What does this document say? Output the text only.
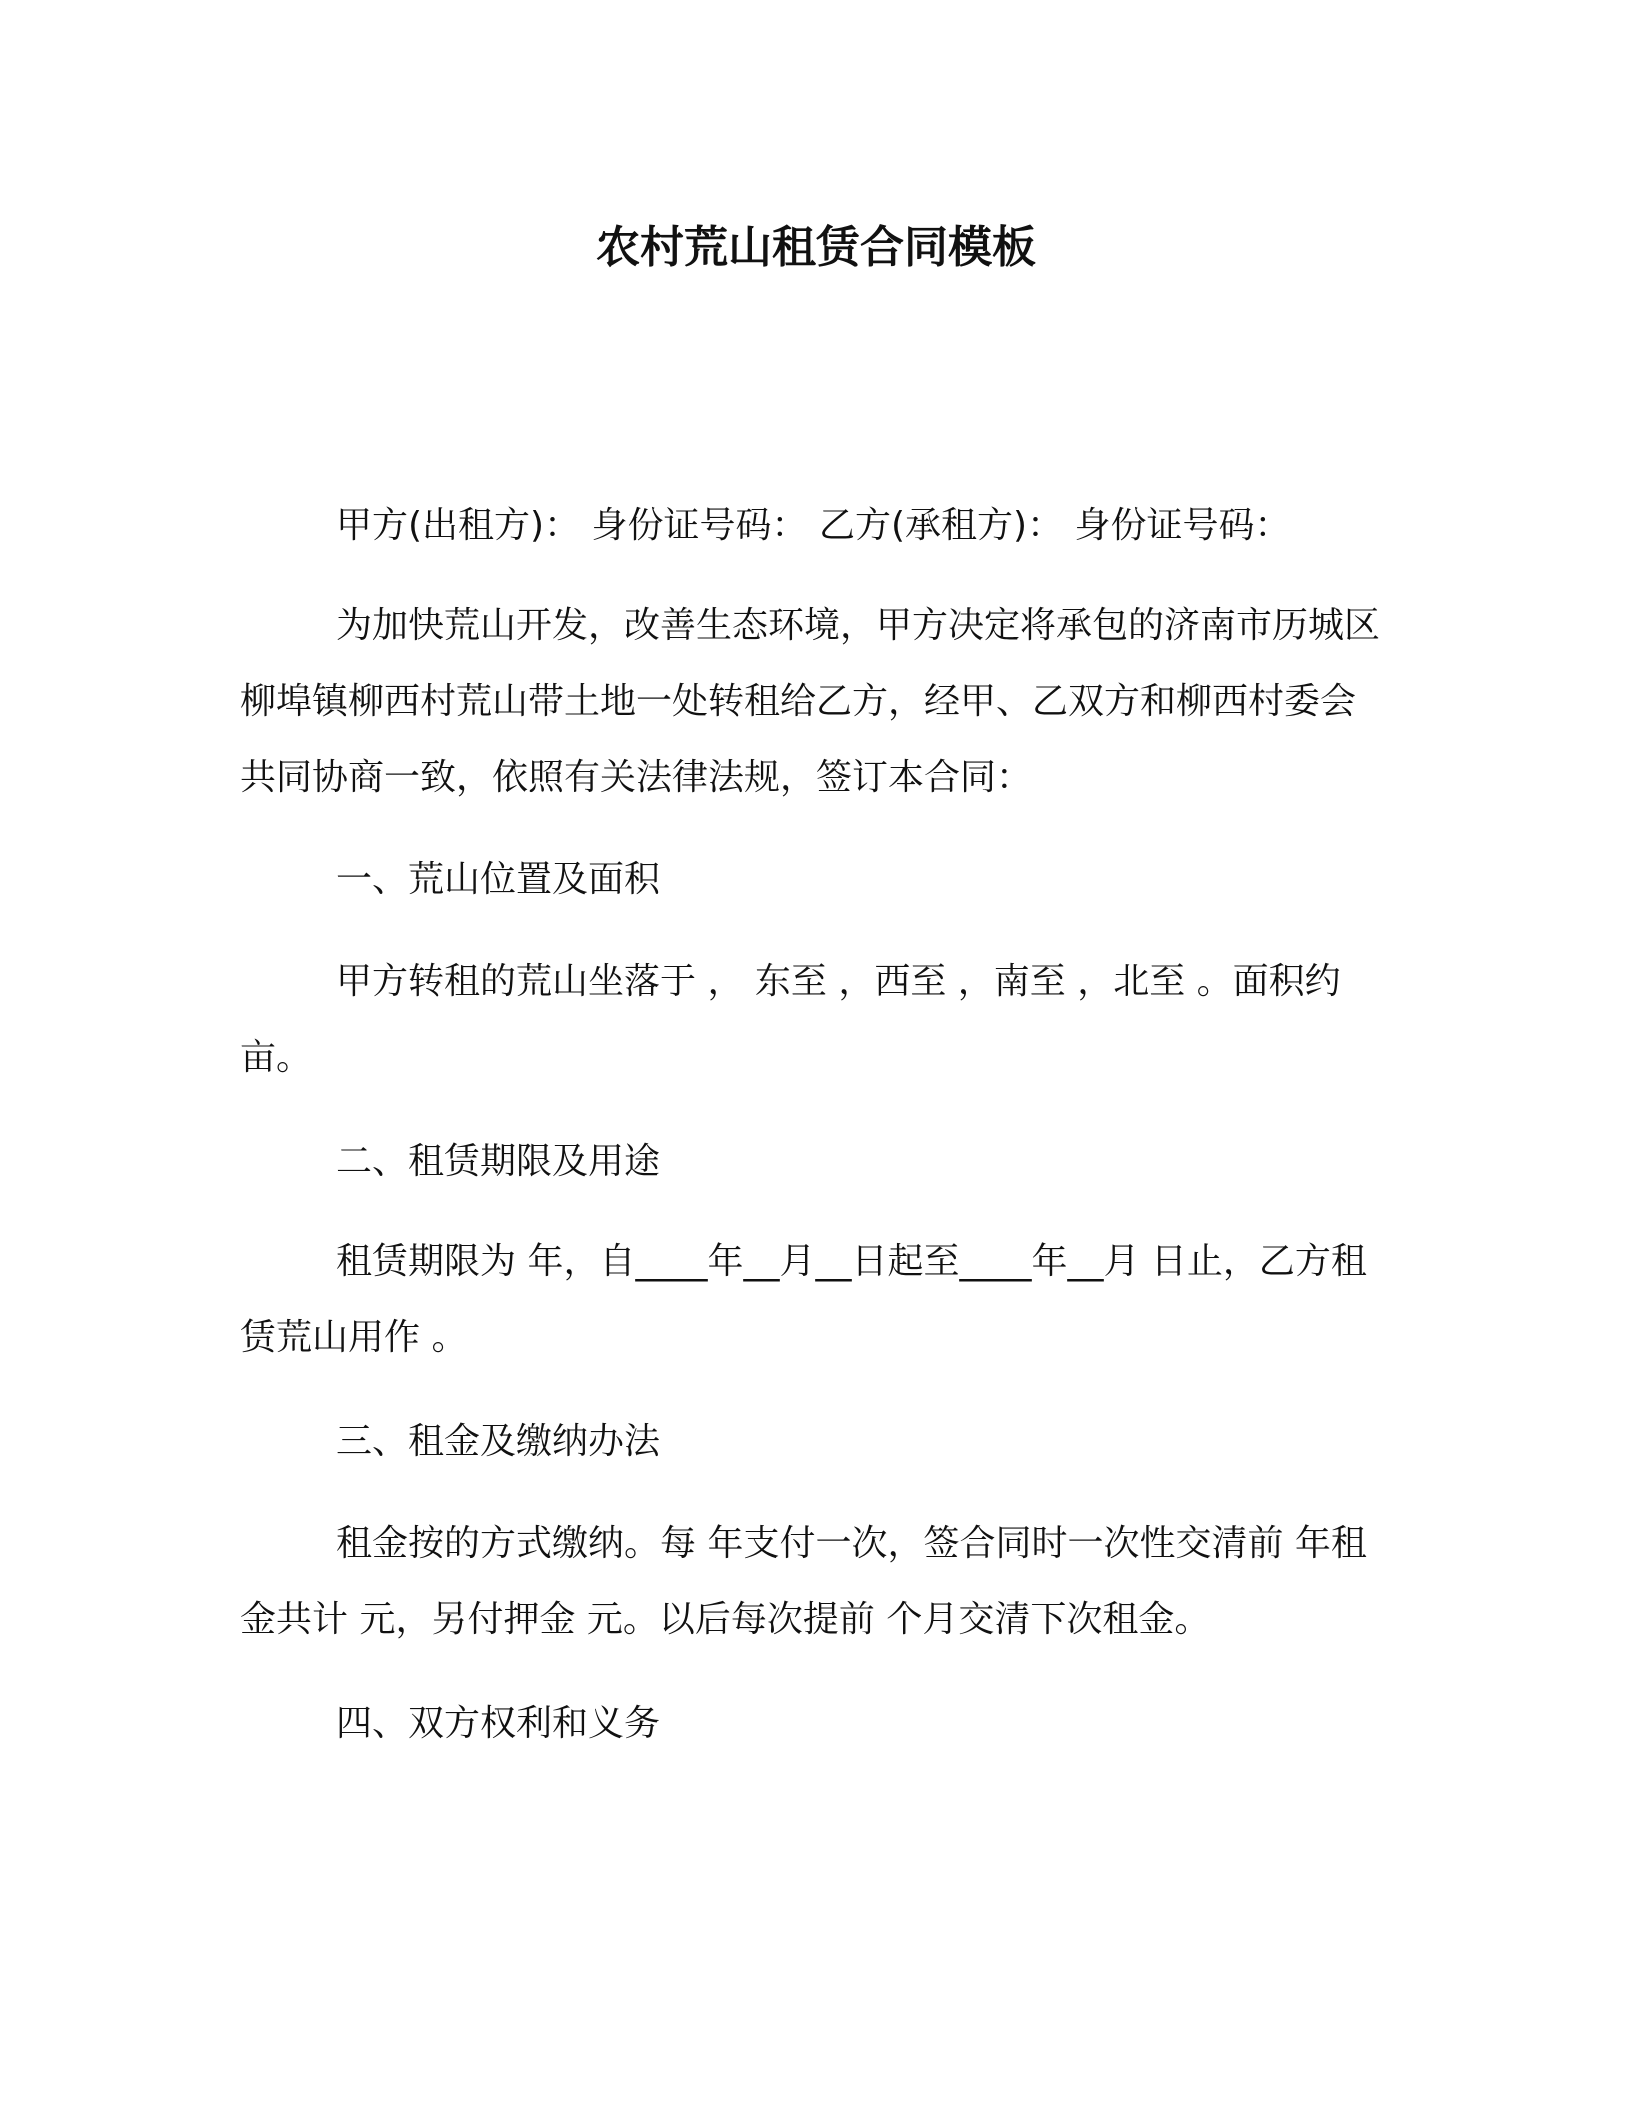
农村荒山租赁合同模板

甲方(出租方)： 身份证号码： 乙方(承租方)： 身份证号码：

为加快荒山开发，改善生态环境，甲方决定将承包的济南市历城区柳埠镇柳西村荒山带土地一处转租给乙方，经甲、乙双方和柳西村委会共同协商一致，依照有关法律法规，签订本合同：

一、荒山位置及面积

甲方转租的荒山坐落于 ， 东至 ，西至 ，南至 ，北至 。面积约 亩。

二、租赁期限及用途

租赁期限为 年，自____年__月__日起至____年__月 日止，乙方租赁荒山用作 。

三、租金及缴纳办法

租金按的方式缴纳。每 年支付一次，签合同时一次性交清前 年租金共计 元，另付押金 元。以后每次提前 个月交清下次租金。

四、双方权利和义务
